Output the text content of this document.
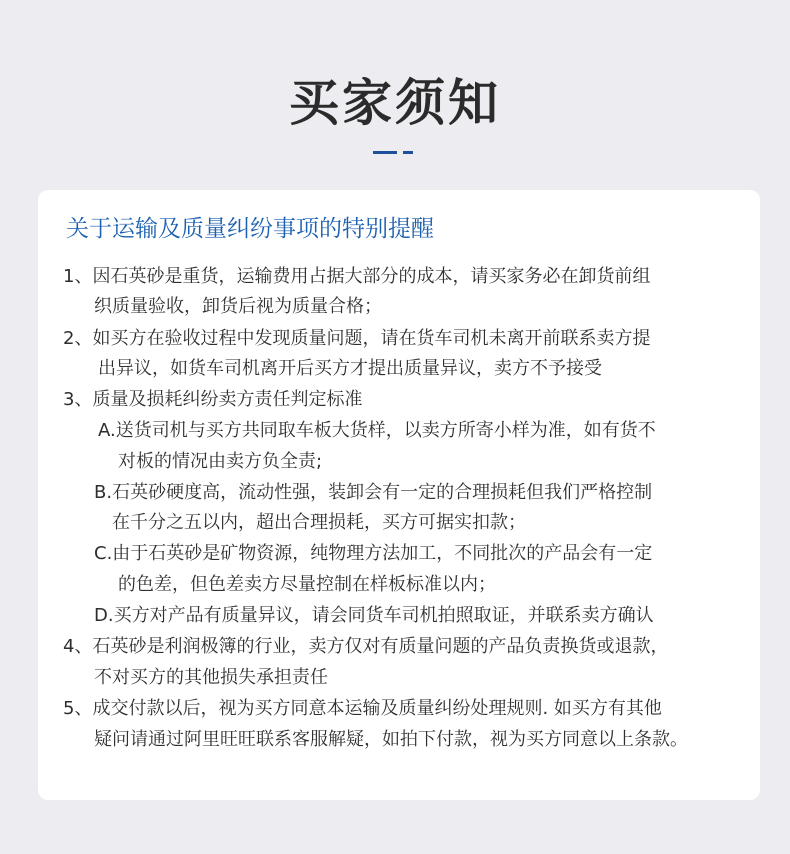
买家须知
关于运输及质量纠纷事项的特别提醒
1、因石英砂是重货，运输费用占据大部分的成本，请买家务必在卸货前组
织质量验收，卸货后视为质量合格；
2、如买方在验收过程中发现质量问题，请在货车司机未离开前联系卖方提
出异议，如货车司机离开后买方才提出质量异议，卖方不予接受
3、质量及损耗纠纷卖方责任判定标准
A.送货司机与买方共同取车板大货样，以卖方所寄小样为准，如有货不
对板的情况由卖方负全责;
B.石英砂硬度高，流动性强，装卸会有一定的合理损耗但我们严格控制
在千分之五以内，超出合理损耗，买方可据实扣款；
C.由于石英砂是矿物资源，纯物理方法加工，不同批次的产品会有一定
的色差，但色差卖方尽量控制在样板标准以内；
D.买方对产品有质量异议，请会同货车司机拍照取证，并联系卖方确认
4、石英砂是利润极簿的行业，卖方仅对有质量问题的产品负责换货或退款，
不对买方的其他损失承担责任
5、成交付款以后，视为买方同意本运输及质量纠纷处理规则. 如买方有其他
疑问请通过阿里旺旺联系客服解疑，如拍下付款，视为买方同意以上条款。
